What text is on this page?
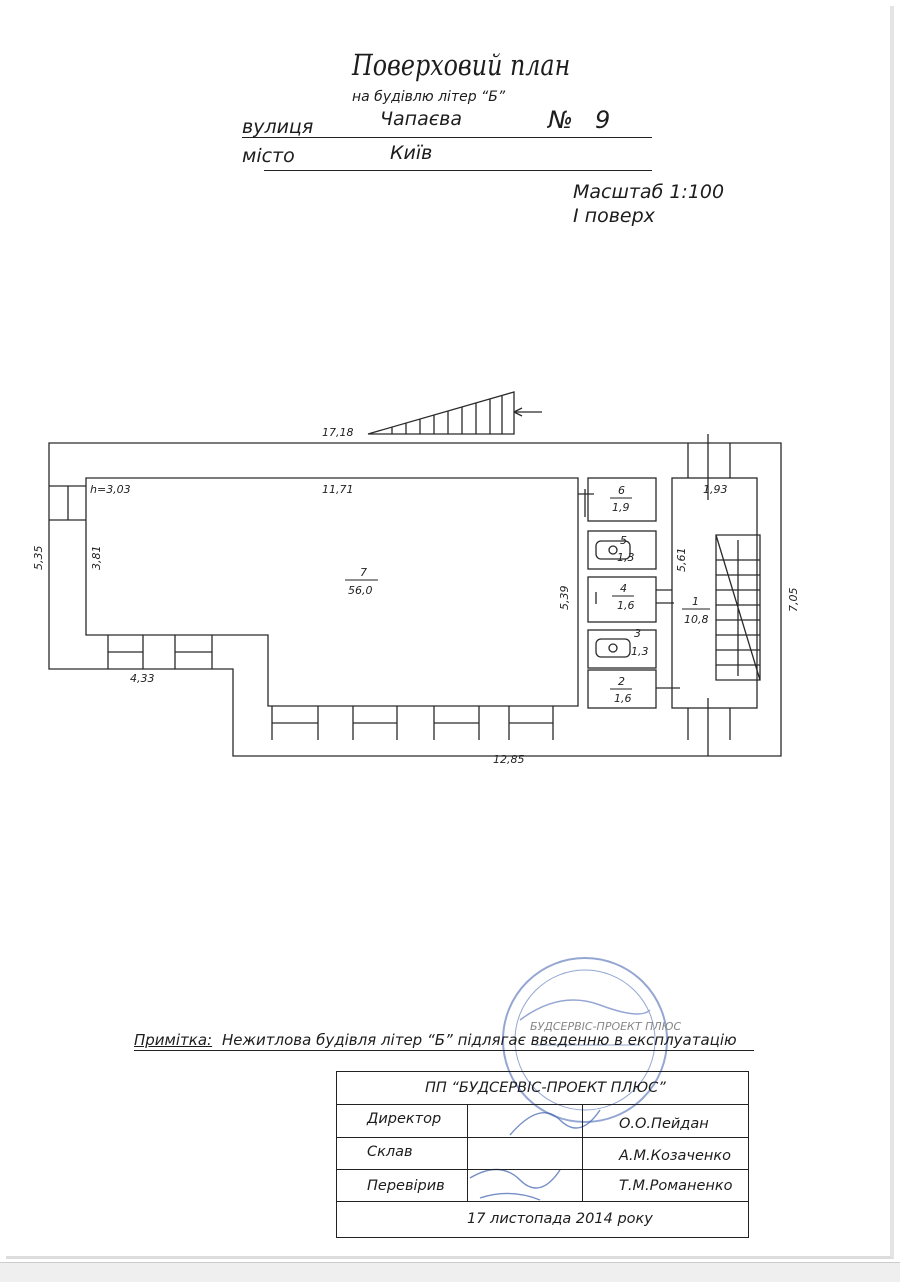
Поверховий план
на будівлю літер “Б”
вулиця	Чапаєва	№ 9
місто	Київ
Масштаб 1:100
I поверх
17,18
5,35	3,81
h=3,03	11,71
5,39
1,93
5,61
7,05
4,33
12,85
7
56,0
6
1,9
5
1,3
4
1,6
3
1,3
2
1,6
1
10,8
БУДСЕРВІС-ПРОЕКТ ПЛЮС
Примітка: Нежитлова будівля літер “Б” підлягає введенню в експлуатацію
ПП “БУДСЕРВІС-ПРОЕКТ ПЛЮС”
Директор	О.О.Пейдан
Склав	А.М.Козаченко
Перевірив	Т.М.Романенко
17 листопада 2014 року
